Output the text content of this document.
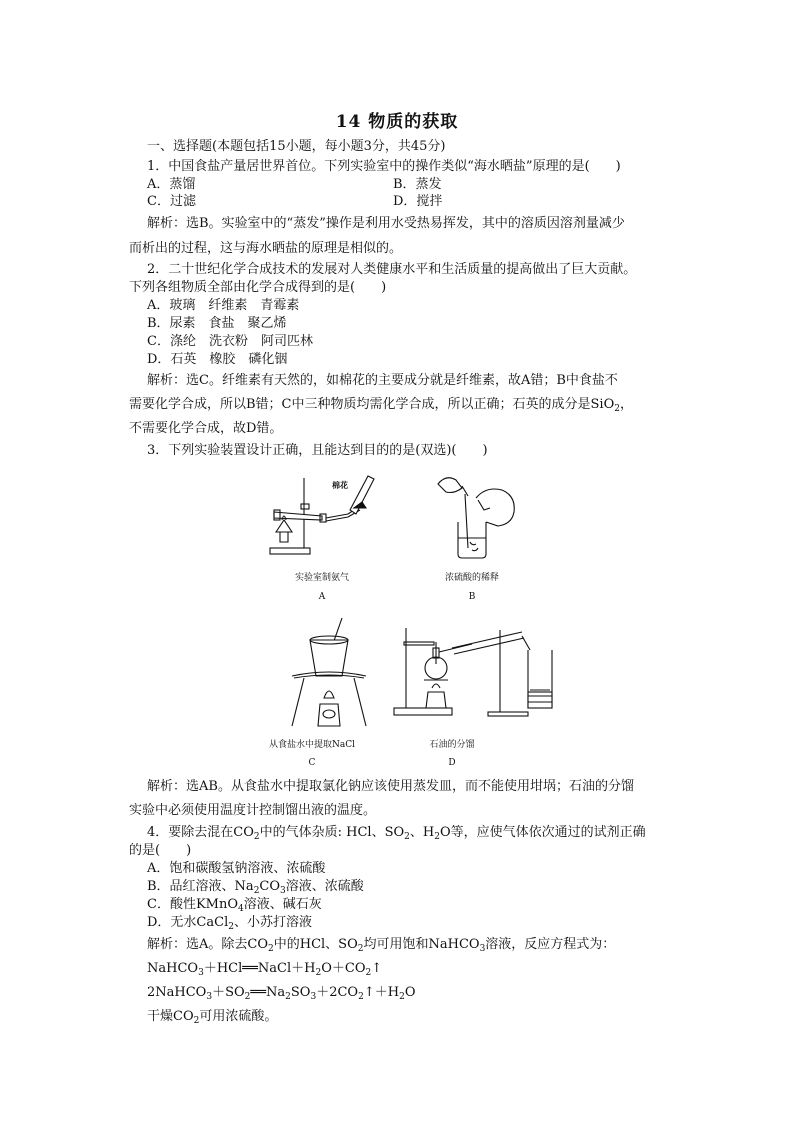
14 物质的获取
一、选择题(本题包括15小题，每小题3分，共45分)
1．中国食盐产量居世界首位。下列实验室中的操作类似“海水晒盐”原理的是(　　)
A．蒸馏	B．蒸发
C．过滤	D．搅拌
解析：选B。实验室中的“蒸发”操作是利用水受热易挥发，其中的溶质因溶剂量减少
而析出的过程，这与海水晒盐的原理是相似的。
2．二十世纪化学合成技术的发展对人类健康水平和生活质量的提高做出了巨大贡献。
下列各组物质全部由化学合成得到的是(　　)
A．玻璃　纤维素　青霉素
B．尿素　食盐　聚乙烯
C．涤纶　洗衣粉　阿司匹林
D．石英　橡胶　磷化铟
解析：选C。纤维素有天然的，如棉花的主要成分就是纤维素，故A错；B中食盐不
需要化学合成，所以B错；C中三种物质均需化学合成，所以正确；石英的成分是SiO$_2$，
不需要化学合成，故D错。
3．下列实验装置设计正确，且能达到目的的是(双选)(　　)
棉花
实验室制氨气
A
浓硫酸的稀释
B
从食盐水中提取NaCl
C
石油的分馏
D
解析：选AB。从食盐水中提取氯化钠应该使用蒸发皿，而不能使用坩埚；石油的分馏
实验中必须使用温度计控制馏出液的温度。
4．要除去混在$CO_2$中的气体杂质: HCl、$SO_2$、$H_2O$等，应使气体依次通过的试剂正确
的是(　　)
A．饱和碳酸氢钠溶液、浓硫酸
B．品红溶液、$Na_2CO_3$溶液、浓硫酸
C．酸性KMnO$_4$溶液、碱石灰
D．无水CaCl$_2$、小苏打溶液
解析：选A。除去$CO_2$中的HCl、$SO_2$均可用饱和NaHCO$_3$溶液，反应方程式为：
$NaHCO_3+HCl══NaCl+H_2O+CO_2↑$
$2NaHCO_3+SO_2══Na_2SO_3+2CO_2↑+H_2O$
干燥$CO_2$可用浓硫酸。
